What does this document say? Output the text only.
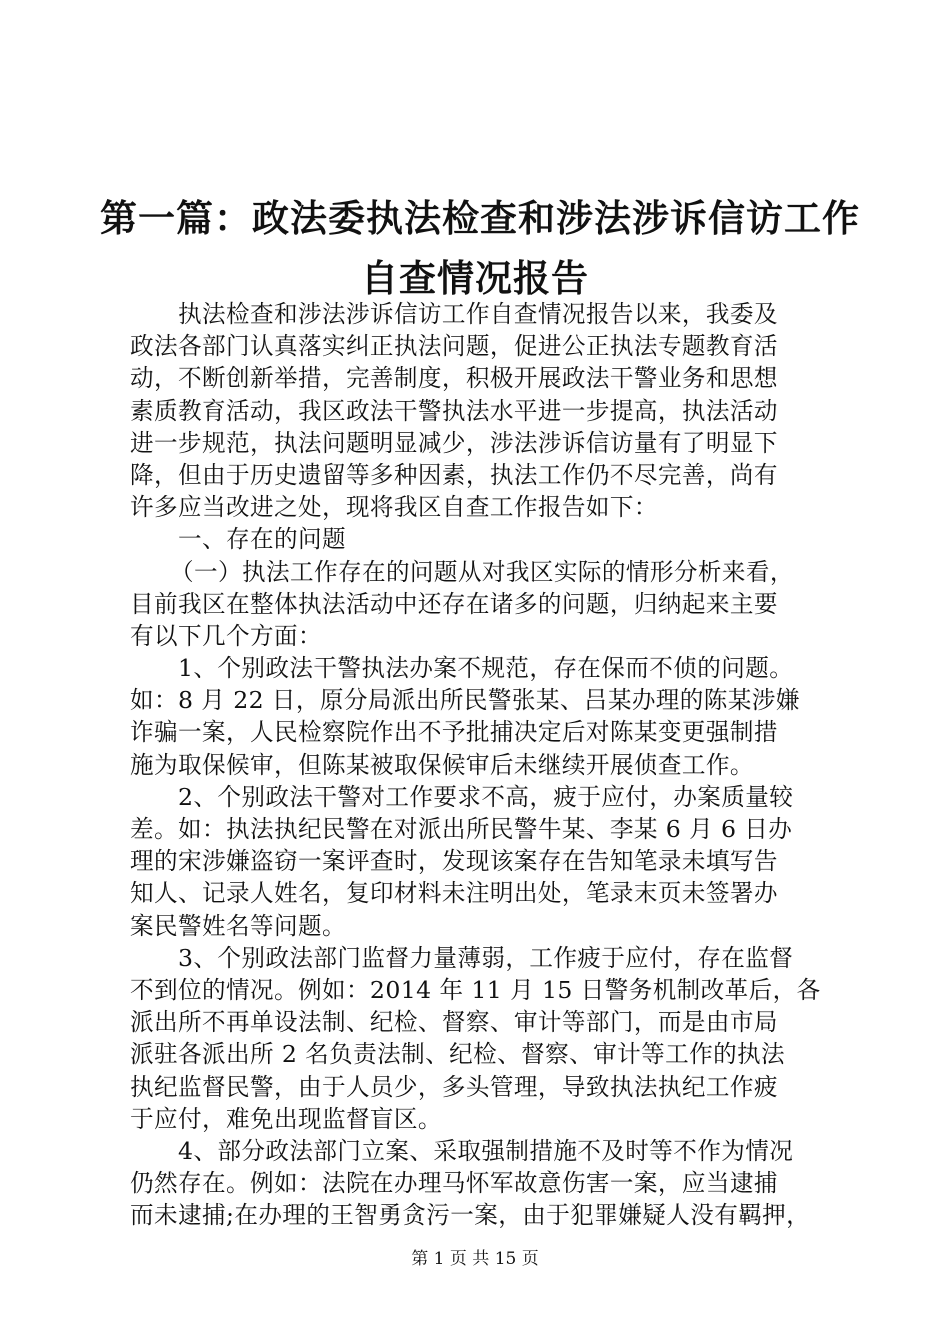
第一篇：政法委执法检查和涉法涉诉信访工作
自查情况报告
执法检查和涉法涉诉信访工作自查情况报告以来，我委及
政法各部门认真落实纠正执法问题，促进公正执法专题教育活
动，不断创新举措，完善制度，积极开展政法干警业务和思想
素质教育活动，我区政法干警执法水平进一步提高，执法活动
进一步规范，执法问题明显减少，涉法涉诉信访量有了明显下
降，但由于历史遗留等多种因素，执法工作仍不尽完善，尚有
许多应当改进之处，现将我区自查工作报告如下：
一、存在的问题
（一）执法工作存在的问题从对我区实际的情形分析来看，
目前我区在整体执法活动中还存在诸多的问题，归纳起来主要
有以下几个方面：
1、个别政法干警执法办案不规范，存在保而不侦的问题。
如：8 月 22 日，原分局派出所民警张某、吕某办理的陈某涉嫌
诈骗一案，人民检察院作出不予批捕决定后对陈某变更强制措
施为取保候审，但陈某被取保候审后未继续开展侦查工作。
2、个别政法干警对工作要求不高，疲于应付，办案质量较
差。如：执法执纪民警在对派出所民警牛某、李某 6 月 6 日办
理的宋涉嫌盗窃一案评查时，发现该案存在告知笔录未填写告
知人、记录人姓名，复印材料未注明出处，笔录末页未签署办
案民警姓名等问题。
3、个别政法部门监督力量薄弱，工作疲于应付，存在监督
不到位的情况。例如：2014 年 11 月 15 日警务机制改革后，各
派出所不再单设法制、纪检、督察、审计等部门，而是由市局
派驻各派出所 2 名负责法制、纪检、督察、审计等工作的执法
执纪监督民警，由于人员少，多头管理，导致执法执纪工作疲
于应付，难免出现监督盲区。
4、部分政法部门立案、采取强制措施不及时等不作为情况
仍然存在。例如：法院在办理马怀军故意伤害一案，应当逮捕
而未逮捕;在办理的王智勇贪污一案，由于犯罪嫌疑人没有羁押，
第 1 页 共 15 页
